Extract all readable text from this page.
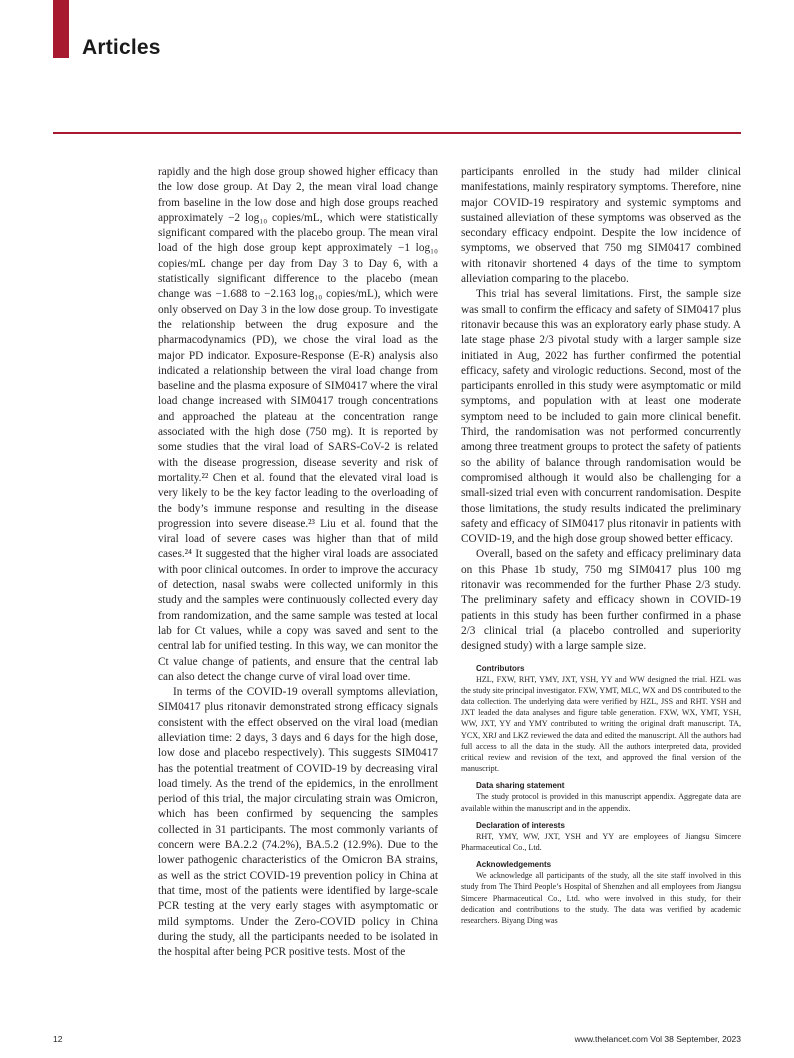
Articles

rapidly and the high dose group showed higher efficacy than the low dose group. At Day 2, the mean viral load change from baseline in the low dose and high dose groups reached approximately −2 log₁₀ copies/mL, which were statistically significant compared with the placebo group. The mean viral load of the high dose group kept approximately −1 log₁₀ copies/mL change per day from Day 3 to Day 6, with a statistically significant difference to the placebo (mean change was −1.688 to −2.163 log₁₀ copies/mL), which were only observed on Day 3 in the low dose group. To investigate the relationship between the drug exposure and the pharmacodynamics (PD), we chose the viral load as the major PD indicator. Exposure-Response (E-R) analysis also indicated a relationship between the viral load change from baseline and the plasma exposure of SIM0417 where the viral load change increased with SIM0417 trough concentrations and approached the plateau at the concentration range associated with the high dose (750 mg). It is reported by some studies that the viral load of SARS-CoV-2 is related with the disease progression, disease severity and risk of mortality.²² Chen et al. found that the elevated viral load is very likely to be the key factor leading to the overloading of the body’s immune response and resulting in the disease progression into severe disease.²³ Liu et al. found that the viral load of severe cases was higher than that of mild cases.²⁴ It suggested that the higher viral loads are associated with poor clinical outcomes. In order to improve the accuracy of detection, nasal swabs were collected uniformly in this study and the samples were continuously collected every day from randomization, and the same sample was tested at local lab for Ct values, while a copy was saved and sent to the central lab for unified testing. In this way, we can monitor the Ct value change of patients, and ensure that the central lab can also detect the change curve of viral load over time.

In terms of the COVID-19 overall symptoms alleviation, SIM0417 plus ritonavir demonstrated strong efficacy signals consistent with the effect observed on the viral load (median alleviation time: 2 days, 3 days and 6 days for the high dose, low dose and placebo respectively). This suggests SIM0417 has the potential treatment of COVID-19 by decreasing viral load timely. As the trend of the epidemics, in the enrollment period of this trial, the major circulating strain was Omicron, which has been confirmed by sequencing the samples collected in 31 participants. The most commonly variants of concern were BA.2.2 (74.2%), BA.5.2 (12.9%). Due to the lower pathogenic characteristics of the Omicron BA strains, as well as the strict COVID-19 prevention policy in China at that time, most of the patients were identified by large-scale PCR testing at the very early stages with asymptomatic or mild symptoms. Under the Zero-COVID policy in China during the study, all the participants needed to be isolated in the hospital after being PCR positive tests. Most of the

participants enrolled in the study had milder clinical manifestations, mainly respiratory symptoms. Therefore, nine major COVID-19 respiratory and systemic symptoms and sustained alleviation of these symptoms was observed as the secondary efficacy endpoint. Despite the low incidence of symptoms, we observed that 750 mg SIM0417 combined with ritonavir shortened 4 days of the time to symptom alleviation comparing to the placebo.

This trial has several limitations. First, the sample size was small to confirm the efficacy and safety of SIM0417 plus ritonavir because this was an exploratory early phase study. A late stage phase 2/3 pivotal study with a larger sample size initiated in Aug, 2022 has further confirmed the potential efficacy, safety and virologic reductions. Second, most of the participants enrolled in this study were asymptomatic or mild symptoms, and population with at least one moderate symptom need to be included to gain more clinical benefit. Third, the randomisation was not performed concurrently among three treatment groups to protect the safety of patients so the ability of balance through randomisation would be compromised although it would also be challenging for a small-sized trial even with concurrent randomisation. Despite those limitations, the study results indicated the preliminary safety and efficacy of SIM0417 plus ritonavir in patients with COVID-19, and the high dose group showed better efficacy.

Overall, based on the safety and efficacy preliminary data on this Phase 1b study, 750 mg SIM0417 plus 100 mg ritonavir was recommended for the further Phase 2/3 study. The preliminary safety and efficacy shown in COVID-19 patients in this study has been further confirmed in a phase 2/3 clinical trial (a placebo controlled and superiority designed study) with a large sample size.

Contributors

HZL, FXW, RHT, YMY, JXT, YSH, YY and WW designed the trial. HZL was the study site principal investigator. FXW, YMT, MLC, WX and DS contributed to the data collection. The underlying data were verified by HZL, JSS and RHT. YSH and JXT leaded the data analyses and figure table generation. FXW, WX, YMT, YSH, WW, JXT, YY and YMY contributed to writing the original draft manuscript. TA, YCX, XRJ and LKZ reviewed the data and edited the manuscript. All the authors had full access to all the data in the study. All the authors interpreted data, provided critical review and revision of the text, and approved the final version of the manuscript.

Data sharing statement

The study protocol is provided in this manuscript appendix. Aggregate data are available within the manuscript and in the appendix.

Declaration of interests

RHT, YMY, WW, JXT, YSH and YY are employees of Jiangsu Simcere Pharmaceutical Co., Ltd.

Acknowledgements

We acknowledge all participants of the study, all the site staff involved in this study from The Third People’s Hospital of Shenzhen and all employees from Jiangsu Simcere Pharmaceutical Co., Ltd. who were involved in this study, for their dedication and contributions to the study. The data was verified by academic researchers. Biyang Ding was

12	www.thelancet.com Vol 38 September, 2023
